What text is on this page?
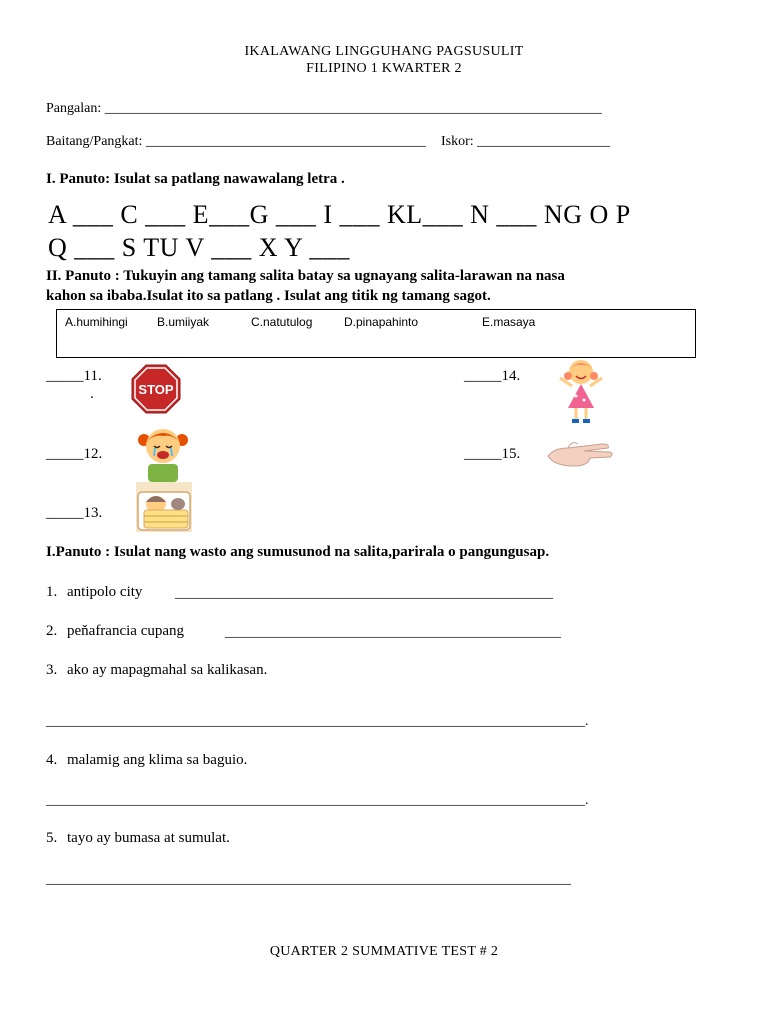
IKALAWANG LINGGUHANG PAGSUSULIT
FILIPINO 1 KWARTER 2
Pangalan: _______________________________________________________________________
Baitang/Pangkat: ________________________________________ Iskor: ___________________
I. Panuto: Isulat sa patlang nawawalang letra .
A ___ C ___ E___G ___ I ___ KL___ N ___ NG O P
Q ___ S TU V ___ X Y ___
II. Panuto : Tukuyin ang tamang salita batay sa ugnayang salita-larawan na nasa
kahon sa ibaba.Isulat ito sa patlang . Isulat ang titik ng tamang sagot.
A.humihingi B.umiiyak	C.natutulog	D.pinapahinto	E.masaya
_____11.
.	STOP
_____12.
_____13.
_____14.
_____15.
I.Panuto : Isulat nang wasto ang sumusunod na salita,parirala o pangungusap.
1. antipolo city ______________________________________________________
2. peňafrancia cupang	________________________________________________
3. ako ay mapagmahal sa kalikasan.
_____________________________________________________________________________.
4. malamig ang klima sa baguio.
_____________________________________________________________________________.
5. tayo ay bumasa at sumulat.
___________________________________________________________________________
QUARTER 2 SUMMATIVE TEST # 2
